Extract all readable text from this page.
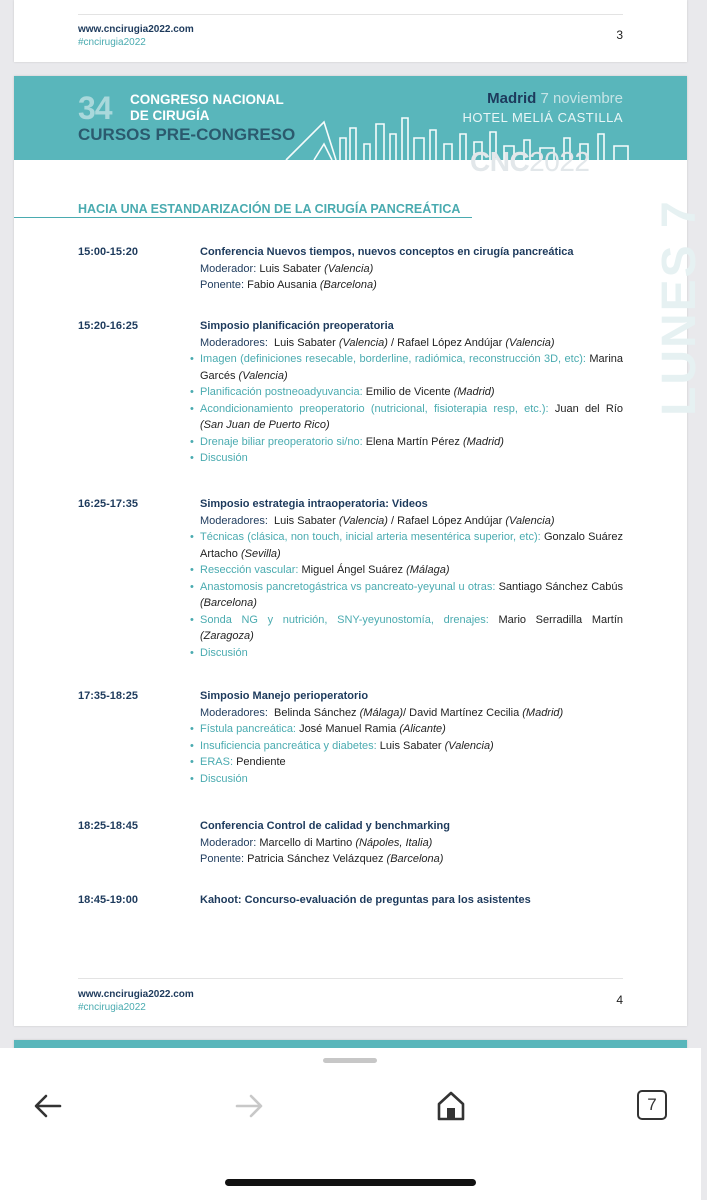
www.cncirugia2022.com
#cncirugia2022
3
34 CONGRESO NACIONAL
DE CIRUGÍA
CURSOS PRE-CONGRESO
Madrid 7 noviembre
HOTEL MELIÁ CASTILLA
CNC2022
HACIA UNA ESTANDARIZACIÓN DE LA CIRUGÍA PANCREÁTICA	LUNES 7
15:00-15:20	Conferencia Nuevos tiempos, nuevos conceptos en cirugía pancreática
Moderador: Luis Sabater (Valencia)
Ponente: Fabio Ausania (Barcelona)
15:20-16:25	Simposio planificación preoperatoria
Moderadores: Luis Sabater (Valencia) / Rafael López Andújar (Valencia)
• Imagen (definiciones resecable, borderline, radiómica, reconstrucción 3D, etc): Marina Garcés (Valencia)
• Planificación postneoadyuvancia: Emilio de Vicente (Madrid)
• Acondicionamiento preoperatorio (nutricional, fisioterapia resp, etc.): Juan del Río (San Juan de Puerto Rico)
• Drenaje biliar preoperatorio si/no: Elena Martín Pérez (Madrid)
• Discusión
16:25-17:35	Simposio estrategia intraoperatoria: Videos
Moderadores: Luis Sabater (Valencia) / Rafael López Andújar (Valencia)
• Técnicas (clásica, non touch, inicial arteria mesentérica superior, etc): Gonzalo Suárez Artacho (Sevilla)
• Resección vascular: Miguel Ángel Suárez (Málaga)
• Anastomosis pancretogástrica vs pancreato-yeyunal u otras: Santiago Sánchez Cabús (Barcelona)
• Sonda NG y nutrición, SNY-yeyunostomía, drenajes: Mario Serradilla Martín (Zaragoza)
• Discusión
17:35-18:25	Simposio Manejo perioperatorio
Moderadores: Belinda Sánchez (Málaga)/ David Martínez Cecilia (Madrid)
• Fístula pancreática: José Manuel Ramia (Alicante)
• Insuficiencia pancreática y diabetes: Luis Sabater (Valencia)
• ERAS: Pendiente
• Discusión
18:25-18:45	Conferencia Control de calidad y benchmarking
Moderador: Marcello di Martino (Nápoles, Italia)
Ponente: Patricia Sánchez Velázquez (Barcelona)
18:45-19:00	Kahoot: Concurso-evaluación de preguntas para los asistentes
www.cncirugia2022.com
#cncirugia2022
4
7
